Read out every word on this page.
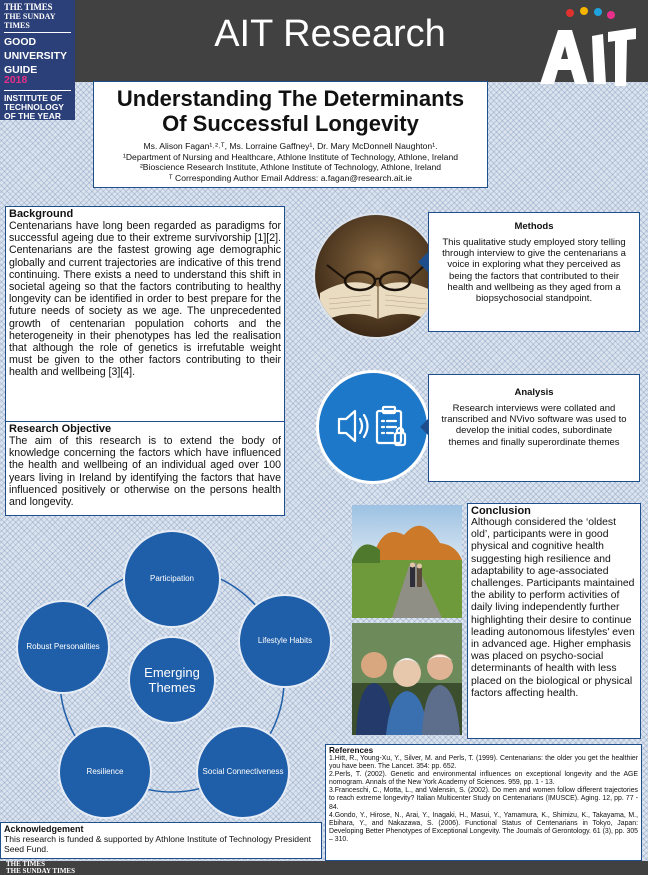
AIT Research
THE TIMES
THE SUNDAY TIMES
GOOD
UNIVERSITY
GUIDE
2018
INSTITUTE OF
TECHNOLOGY
OF THE YEAR
Understanding The Determinants
Of Successful Longevity
Ms. Alison Fagan¹˒²˒ᵀ, Ms. Lorraine Gaffney¹, Dr. Mary McDonnell Naughton¹.
¹Department of Nursing and Healthcare, Athlone Institute of Technology, Athlone, Ireland
²Bioscience Research Institute, Athlone Institute of Technology, Athlone, Ireland
ᵀ Corresponding Author Email Address: a.fagan@research.ait.ie
Background
Centenarians have long been regarded as paradigms for successful ageing due to their extreme survivorship [1][2]. Centenarians are the fastest growing age demographic globally and current trajectories are indicative of this trend continuing. There exists a need to understand this shift in societal ageing so that the factors contributing to healthy longevity can be identified in order to best prepare for the future needs of society as we age. The unprecedented growth of centenarian population cohorts and the heterogeneity in their phenotypes has led the realisation that although the role of genetics is irrefutable weight must be given to the other factors contributing to their health and wellbeing [3][4].
Research Objective
The aim of this research is to extend the body of knowledge concerning the factors which have influenced the health and wellbeing of an individual aged over 100 years living in Ireland by identifying the factors that have influenced positively or otherwise on the persons health and longevity.
Methods
This qualitative study employed story telling through interview to give the centenarians a voice in exploring what they perceived as being the factors that contributed to their health and wellbeing as they aged from a biopsychosocial standpoint.
Analysis
Research interviews were collated and transcribed and NVivo software was used to develop the initial codes, subordinate themes and finally superordinate themes
Participation
Lifestyle Habits
Social Connectiveness
Resilience
Robust Personalities
Emerging Themes
Conclusion
Although considered the ‘oldest old’, participants were in good physical and cognitive health suggesting high resilience and adaptability to age-associated challenges. Participants maintained the ability to perform activities of daily living independently further highlighting their desire to continue leading autonomous lifestyles' even in advanced age. Higher emphasis was placed on psycho-social determinants of health with less placed on the biological or physical factors affecting health.
References
1.Hitt, R., Young-Xu, Y., Silver, M. and Perls, T. (1999). Centenarians: the older you get the healthier you have been. The Lancet. 354: pp. 652.
2.Perls, T. (2002). Genetic and environmental influences on exceptional longevity and the AGE nomogram. Annals of the New York Academy of Sciences. 959, pp. 1 - 13.
3.Franceschi, C., Motta, L., and Valensin, S. (2002). Do men and women follow different trajectories to reach extreme longevity? Italian Multicenter Study on Centenarians (IMUSCE). Aging. 12, pp. 77 - 84.
4.Gondo, Y., Hirose, N., Arai, Y., Inagaki, H., Masui, Y., Yamamura, K., Shimizu, K., Takayama, M., Ebihara, Y., and Nakazawa, S. (2006). Functional Status of Centenarians in Tokyo, Japan: Developing Better Phenotypes of Exceptional Longevity. The Journals of Gerontology. 61 (3), pp. 305 – 310.
Acknowledgement
This research is funded & supported by Athlone Institute of Technology President Seed Fund.
THE TIMES
THE SUNDAY TIMES
